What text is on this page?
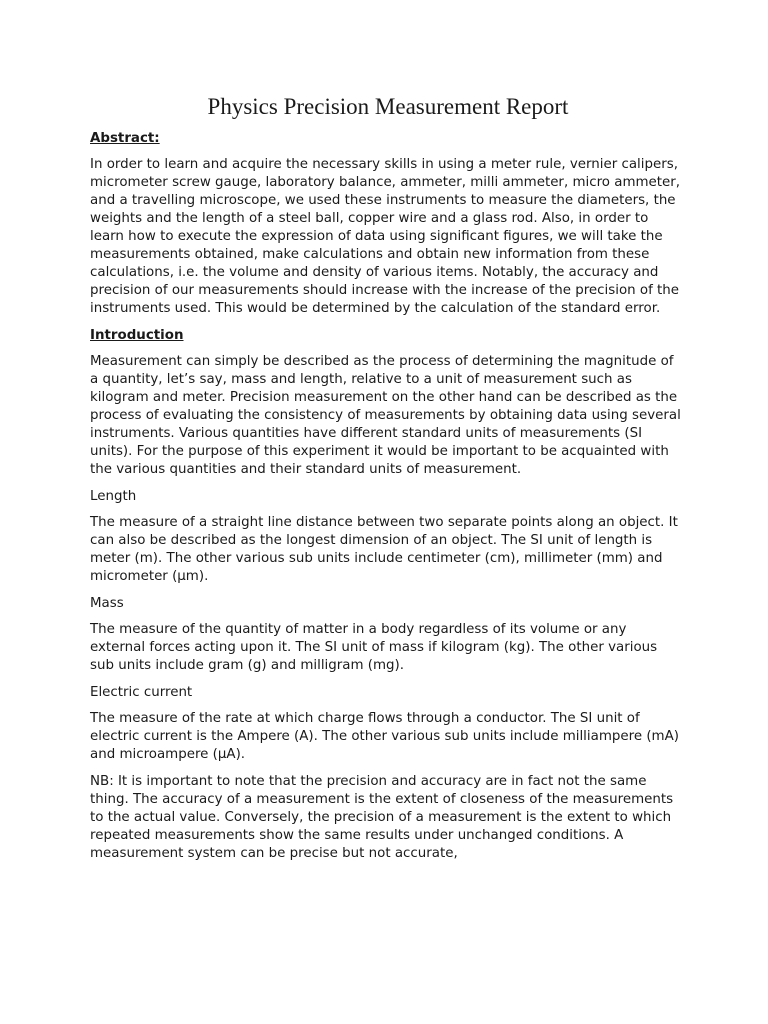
Physics Precision Measurement Report
Abstract:

In order to learn and acquire the necessary skills in using a meter rule, vernier calipers, micrometer screw gauge, laboratory balance, ammeter, milli ammeter, micro ammeter, and a travelling microscope, we used these instruments to measure the diameters, the weights and the length of a steel ball, copper wire and a glass rod. Also, in order to learn how to execute the expression of data using significant figures, we will take the measurements obtained, make calculations and obtain new information from these calculations, i.e. the volume and density of various items. Notably, the accuracy and precision of our measurements should increase with the increase of the precision of the instruments used. This would be determined by the calculation of the standard error.

Introduction

Measurement can simply be described as the process of determining the magnitude of a quantity, let’s say, mass and length, relative to a unit of measurement such as kilogram and meter. Precision measurement on the other hand can be described as the process of evaluating the consistency of measurements by obtaining data using several instruments. Various quantities have different standard units of measurements (SI units). For the purpose of this experiment it would be important to be acquainted with the various quantities and their standard units of measurement.

Length

The measure of a straight line distance between two separate points along an object. It can also be described as the longest dimension of an object. The SI unit of length is meter (m). The other various sub units include centimeter (cm), millimeter (mm) and micrometer (μm).

Mass

The measure of the quantity of matter in a body regardless of its volume or any external forces acting upon it. The SI unit of mass if kilogram (kg). The other various sub units include gram (g) and milligram (mg).

Electric current

The measure of the rate at which charge flows through a conductor. The SI unit of electric current is the Ampere (A). The other various sub units include milliampere (mA) and microampere (μA).

NB: It is important to note that the precision and accuracy are in fact not the same thing. The accuracy of a measurement is the extent of closeness of the measurements to the actual value. Conversely, the precision of a measurement is the extent to which repeated measurements show the same results under unchanged conditions. A measurement system can be precise but not accurate,
